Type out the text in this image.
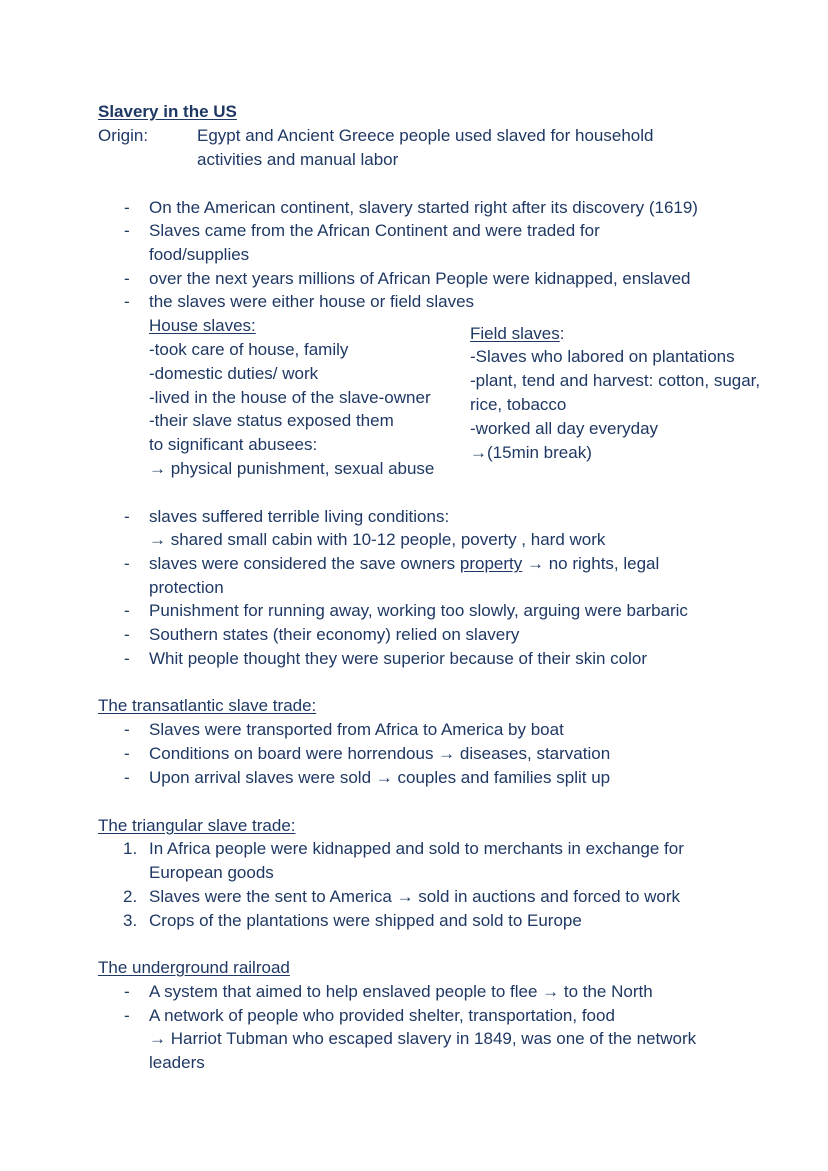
Slavery in the US
Origin:	Egypt and Ancient Greece people used slaved for household
activities and manual labor
- On the American continent, slavery started right after its discovery (1619)
- Slaves came from the African Continent and were traded for
food/supplies
- over the next years millions of African People were kidnapped, enslaved
- the slaves were either house or field slaves
House slaves:
-took care of house, family
-domestic duties/ work
-lived in the house of the slave-owner
-their slave status exposed them
to significant abusees:
→ physical punishment, sexual abuse
Field slaves:
-Slaves who labored on plantations
-plant, tend and harvest: cotton, sugar,
rice, tobacco
-worked all day everyday
→(15min break)
- slaves suffered terrible living conditions:
→ shared small cabin with 10-12 people, poverty , hard work
- slaves were considered the save owners property → no rights, legal
protection
- Punishment for running away, working too slowly, arguing were barbaric
- Southern states (their economy) relied on slavery
- Whit people thought they were superior because of their skin color
The transatlantic slave trade:
- Slaves were transported from Africa to America by boat
- Conditions on board were horrendous → diseases, starvation
- Upon arrival slaves were sold → couples and families split up
The triangular slave trade:
1. In Africa people were kidnapped and sold to merchants in exchange for
European goods
2. Slaves were the sent to America → sold in auctions and forced to work
3. Crops of the plantations were shipped and sold to Europe
The underground railroad
- A system that aimed to help enslaved people to flee → to the North
- A network of people who provided shelter, transportation, food
→ Harriot Tubman who escaped slavery in 1849, was one of the network
leaders
